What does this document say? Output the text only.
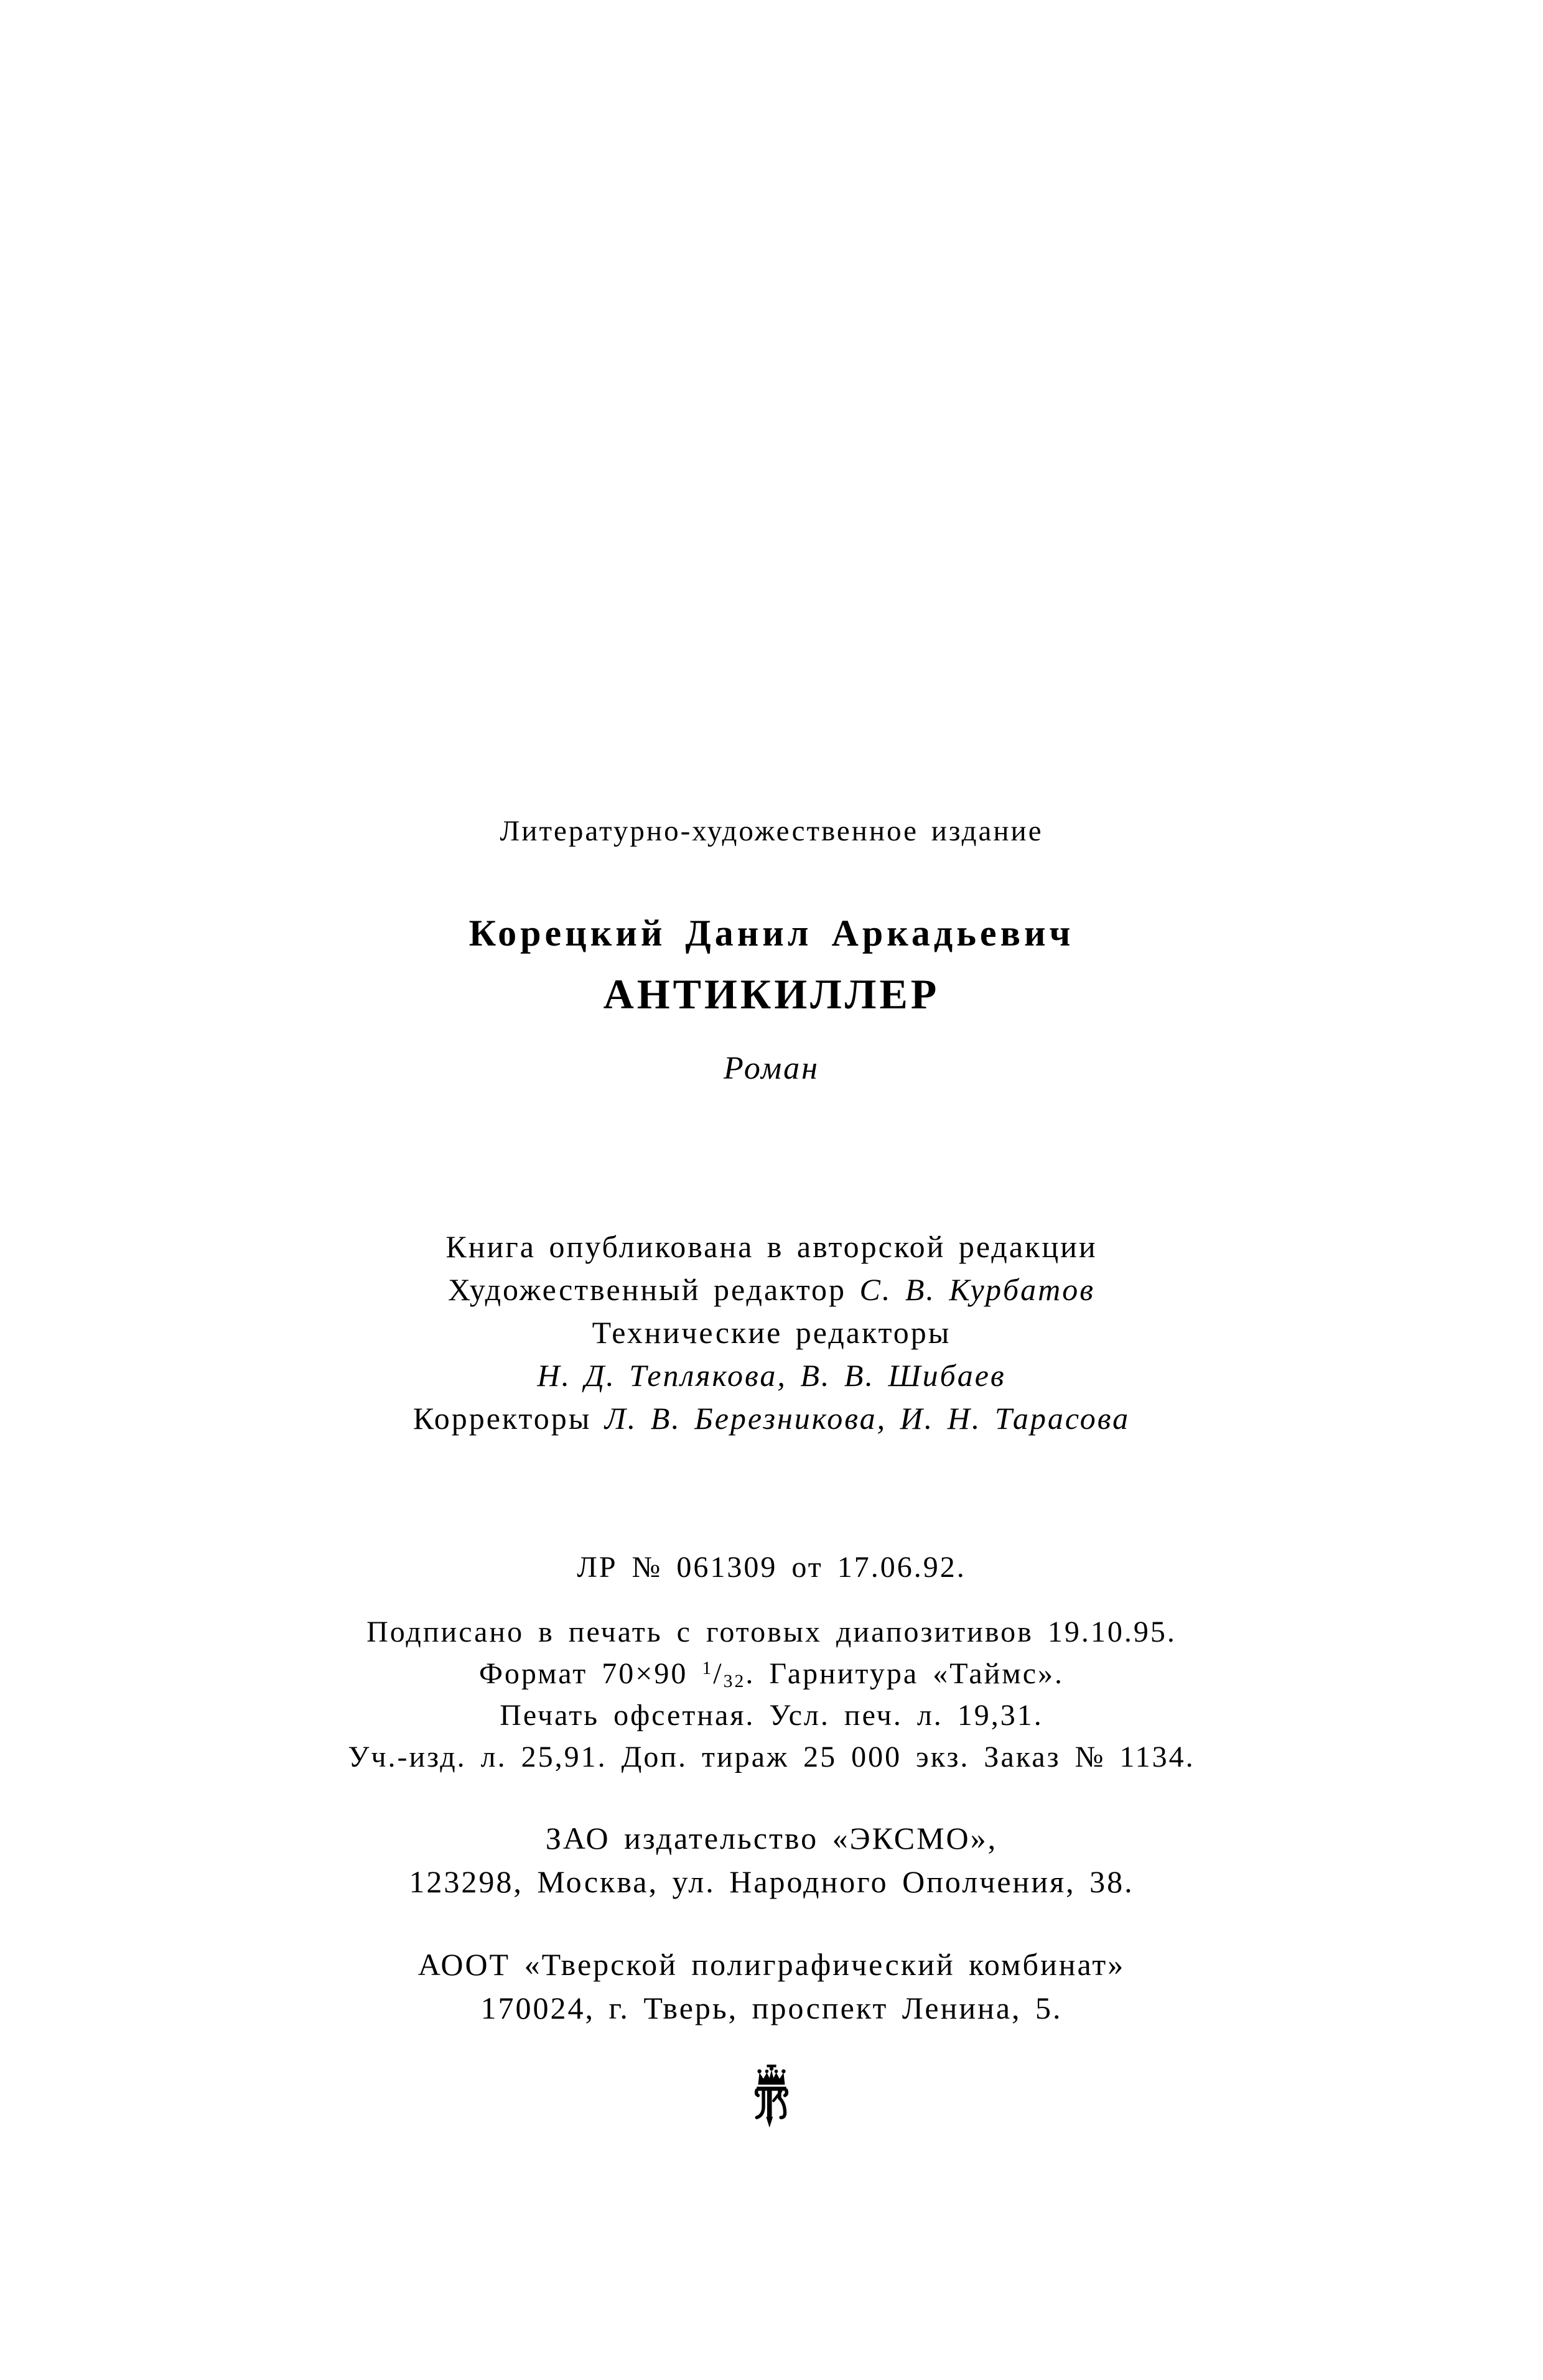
Литературно-художественное издание
Корецкий Данил Аркадьевич
АНТИКИЛЛЕР
Роман
Книга опубликована в авторской редакции
Художественный редактор С. В. Курбатов
Технические редакторы
Н. Д. Теплякова, В. В. Шибаев
Корректоры Л. В. Березникова, И. Н. Тарасова
ЛР № 061309 от 17.06.92.
Подписано в печать с готовых диапозитивов 19.10.95.
Формат 70×90 $^1/_{32}$. Гарнитура «Таймс».
Печать офсетная. Усл. печ. л. 19,31.
Уч.-изд. л. 25,91. Доп. тираж 25 000 экз. Заказ № 1134.
ЗАО издательство «ЭКСМО»,
123298, Москва, ул. Народного Ополчения, 38.
АООТ «Тверской полиграфический комбинат»
170024, г. Тверь, проспект Ленина, 5.
